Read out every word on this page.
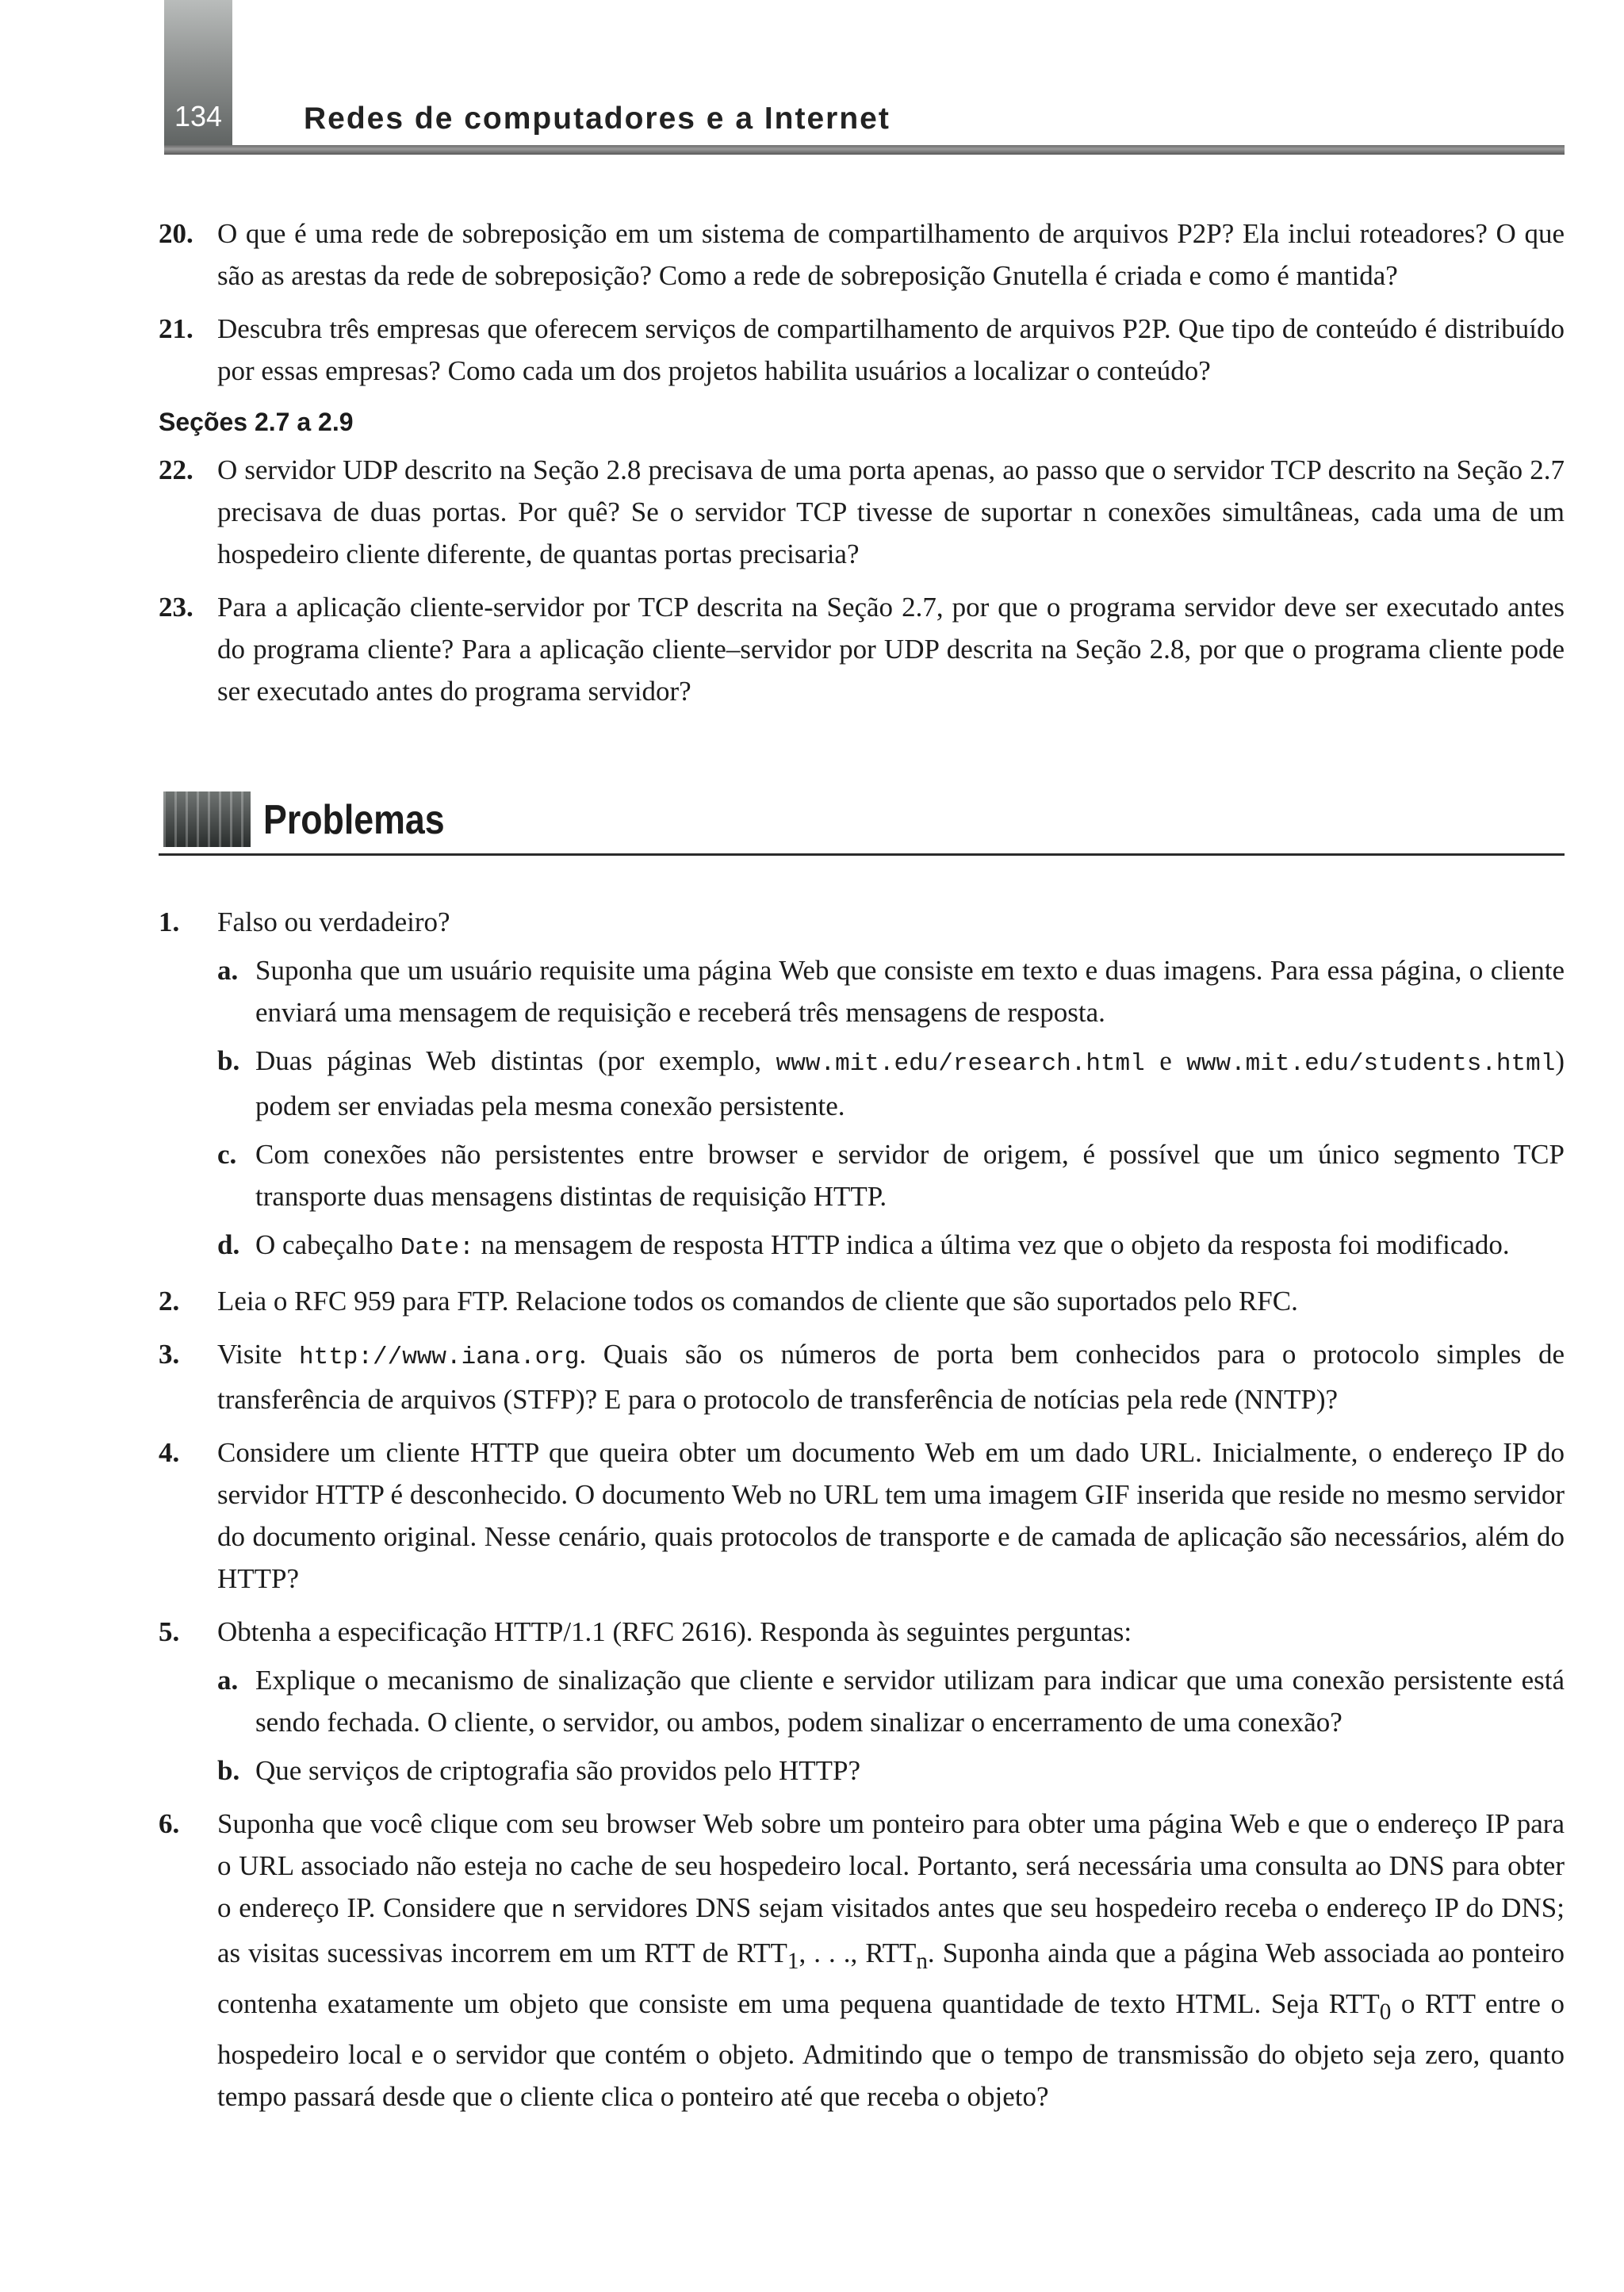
134	Redes de computadores e a Internet
20. O que é uma rede de sobreposição em um sistema de compartilhamento de arquivos P2P? Ela inclui roteadores? O que são as arestas da rede de sobreposição? Como a rede de sobreposição Gnutella é criada e como é mantida?
21. Descubra três empresas que oferecem serviços de compartilhamento de arquivos P2P. Que tipo de conteúdo é distribuído por essas empresas? Como cada um dos projetos habilita usuários a localizar o conteúdo?
Seções 2.7 a 2.9
22. O servidor UDP descrito na Seção 2.8 precisava de uma porta apenas, ao passo que o servidor TCP descrito na Seção 2.7 precisava de duas portas. Por quê? Se o servidor TCP tivesse de suportar n conexões simultâneas, cada uma de um hospedeiro cliente diferente, de quantas portas precisaria?
23. Para a aplicação cliente-servidor por TCP descrita na Seção 2.7, por que o programa servidor deve ser executado antes do programa cliente? Para a aplicação cliente–servidor por UDP descrita na Seção 2.8, por que o programa cliente pode ser executado antes do programa servidor?
Problemas
1. Falso ou verdadeiro?
a. Suponha que um usuário requisite uma página Web que consiste em texto e duas imagens. Para essa página, o cliente enviará uma mensagem de requisição e receberá três mensagens de resposta.
b. Duas páginas Web distintas (por exemplo, www.mit.edu/research.html e www.mit.edu/students.html) podem ser enviadas pela mesma conexão persistente.
c. Com conexões não persistentes entre browser e servidor de origem, é possível que um único segmento TCP transporte duas mensagens distintas de requisição HTTP.
d. O cabeçalho Date: na mensagem de resposta HTTP indica a última vez que o objeto da resposta foi modificado.
2. Leia o RFC 959 para FTP. Relacione todos os comandos de cliente que são suportados pelo RFC.
3. Visite http://www.iana.org. Quais são os números de porta bem conhecidos para o protocolo simples de transferência de arquivos (STFP)? E para o protocolo de transferência de notícias pela rede (NNTP)?
4. Considere um cliente HTTP que queira obter um documento Web em um dado URL. Inicialmente, o endereço IP do servidor HTTP é desconhecido. O documento Web no URL tem uma imagem GIF inserida que reside no mesmo servidor do documento original. Nesse cenário, quais protocolos de transporte e de camada de aplicação são necessários, além do HTTP?
5. Obtenha a especificação HTTP/1.1 (RFC 2616). Responda às seguintes perguntas:
a. Explique o mecanismo de sinalização que cliente e servidor utilizam para indicar que uma conexão persistente está sendo fechada. O cliente, o servidor, ou ambos, podem sinalizar o encerramento de uma conexão?
b. Que serviços de criptografia são providos pelo HTTP?
6. Suponha que você clique com seu browser Web sobre um ponteiro para obter uma página Web e que o endereço IP para o URL associado não esteja no cache de seu hospedeiro local. Portanto, será necessária uma consulta ao DNS para obter o endereço IP. Considere que n servidores DNS sejam visitados antes que seu hospedeiro receba o endereço IP do DNS; as visitas sucessivas incorrem em um RTT de $RTT_1$, . . ., $RTT_n$. Suponha ainda que a página Web associada ao ponteiro contenha exatamente um objeto que consiste em uma pequena quantidade de texto HTML. Seja $RTT_0$ o RTT entre o hospedeiro local e o servidor que contém o objeto. Admitindo que o tempo de transmissão do objeto seja zero, quanto tempo passará desde que o cliente clica o ponteiro até que receba o objeto?
